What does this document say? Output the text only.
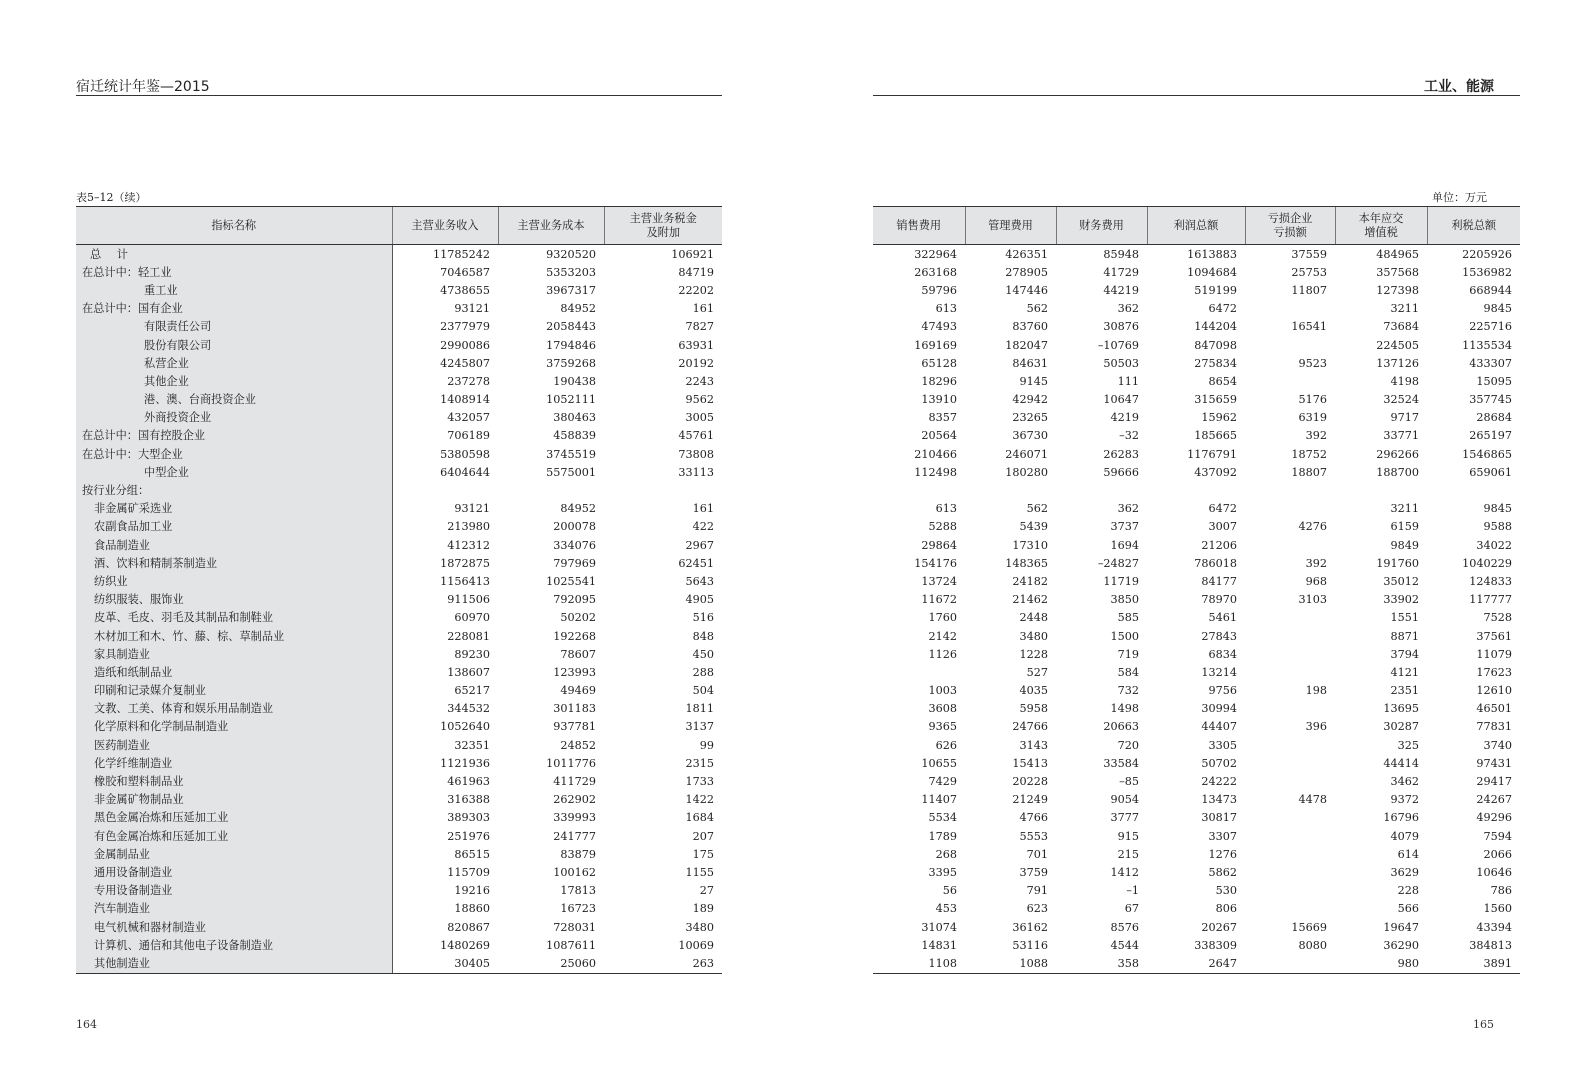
宿迁统计年鉴—2015	工业、能源
表5–12（续）	单位：万元
指标名称	主营业务收入	主营业务成本	主营业务税金
及附加
总 计	11785242	9320520	106921
在总计中：轻工业	7046587	5353203	84719
重工业	4738655	3967317	22202
在总计中：国有企业	93121	84952	161
有限责任公司	2377979	2058443	7827
股份有限公司	2990086	1794846	63931
私营企业	4245807	3759268	20192
其他企业	237278	190438	2243
港、澳、台商投资企业	1408914	1052111	9562
外商投资企业	432057	380463	3005
在总计中：国有控股企业	706189	458839	45761
在总计中：大型企业	5380598	3745519	73808
中型企业	6404644	5575001	33113
按行业分组：			
非金属矿采选业	93121	84952	161
农副食品加工业	213980	200078	422
食品制造业	412312	334076	2967
酒、饮料和精制茶制造业	1872875	797969	62451
纺织业	1156413	1025541	5643
纺织服装、服饰业	911506	792095	4905
皮革、毛皮、羽毛及其制品和制鞋业	60970	50202	516
木材加工和木、竹、藤、棕、草制品业	228081	192268	848
家具制造业	89230	78607	450
造纸和纸制品业	138607	123993	288
印刷和记录媒介复制业	65217	49469	504
文教、工美、体育和娱乐用品制造业	344532	301183	1811
化学原料和化学制品制造业	1052640	937781	3137
医药制造业	32351	24852	99
化学纤维制造业	1121936	1011776	2315
橡胶和塑料制品业	461963	411729	1733
非金属矿物制品业	316388	262902	1422
黑色金属冶炼和压延加工业	389303	339993	1684
有色金属冶炼和压延加工业	251976	241777	207
金属制品业	86515	83879	175
通用设备制造业	115709	100162	1155
专用设备制造业	19216	17813	27
汽车制造业	18860	16723	189
电气机械和器材制造业	820867	728031	3480
计算机、通信和其他电子设备制造业	1480269	1087611	10069
其他制造业	30405	25060	263
销售费用	管理费用	财务费用	利润总额	亏损企业
亏损额	本年应交
增值税	利税总额
322964	426351	85948	1613883	37559	484965	2205926
263168	278905	41729	1094684	25753	357568	1536982
59796	147446	44219	519199	11807	127398	668944
613	562	362	6472		3211	9845
47493	83760	30876	144204	16541	73684	225716
169169	182047	–10769	847098		224505	1135534
65128	84631	50503	275834	9523	137126	433307
18296	9145	111	8654		4198	15095
13910	42942	10647	315659	5176	32524	357745
8357	23265	4219	15962	6319	9717	28684
20564	36730	–32	185665	392	33771	265197
210466	246071	26283	1176791	18752	296266	1546865
112498	180280	59666	437092	18807	188700	659061

613	562	362	6472		3211	9845
5288	5439	3737	3007	4276	6159	9588
29864	17310	1694	21206		9849	34022
154176	148365	–24827	786018	392	191760	1040229
13724	24182	11719	84177	968	35012	124833
11672	21462	3850	78970	3103	33902	117777
1760	2448	585	5461		1551	7528
2142	3480	1500	27843		8871	37561
1126	1228	719	6834		3794	11079
	527	584	13214		4121	17623
1003	4035	732	9756	198	2351	12610
3608	5958	1498	30994		13695	46501
9365	24766	20663	44407	396	30287	77831
626	3143	720	3305		325	3740
10655	15413	33584	50702		44414	97431
7429	20228	–85	24222		3462	29417
11407	21249	9054	13473	4478	9372	24267
5534	4766	3777	30817		16796	49296
1789	5553	915	3307		4079	7594
268	701	215	1276		614	2066
3395	3759	1412	5862		3629	10646
56	791	–1	530		228	786
453	623	67	806		566	1560
31074	36162	8576	20267	15669	19647	43394
14831	53116	4544	338309	8080	36290	384813
1108	1088	358	2647		980	3891
164	165
